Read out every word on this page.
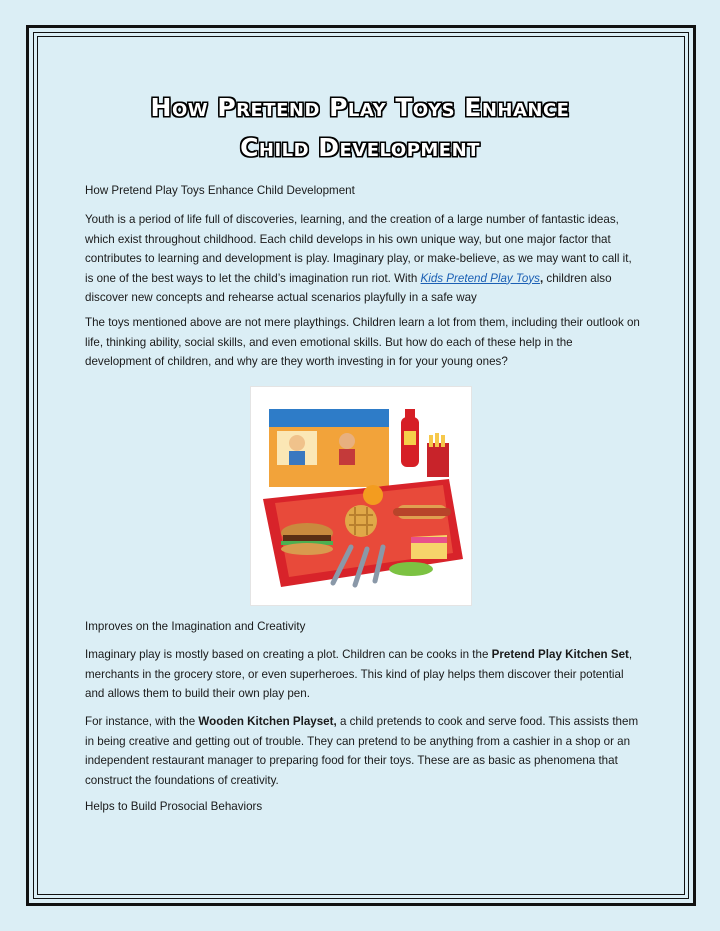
How Pretend Play Toys Enhance
Child Development
How Pretend Play Toys Enhance Child Development
Youth is a period of life full of discoveries, learning, and the creation of a large number of fantastic ideas, which exist throughout childhood. Each child develops in his own unique way, but one major factor that contributes to learning and development is play. Imaginary play, or make-believe, as we may want to call it, is one of the best ways to let the child’s imagination run riot. With Kids Pretend Play Toys, children also discover new concepts and rehearse actual scenarios playfully in a safe way
The toys mentioned above are not mere playthings. Children learn a lot from them, including their outlook on life, thinking ability, social skills, and even emotional skills. But how do each of these help in the development of children, and why are they worth investing in for your young ones?
Improves on the Imagination and Creativity
Imaginary play is mostly based on creating a plot. Children can be cooks in the Pretend Play Kitchen Set, merchants in the grocery store, or even superheroes. This kind of play helps them discover their potential and allows them to build their own play pen.
For instance, with the Wooden Kitchen Playset, a child pretends to cook and serve food. This assists them in being creative and getting out of trouble. They can pretend to be anything from a cashier in a shop or an independent restaurant manager to preparing food for their toys. These are as basic as phenomena that construct the foundations of creativity.
Helps to Build Prosocial Behaviors
